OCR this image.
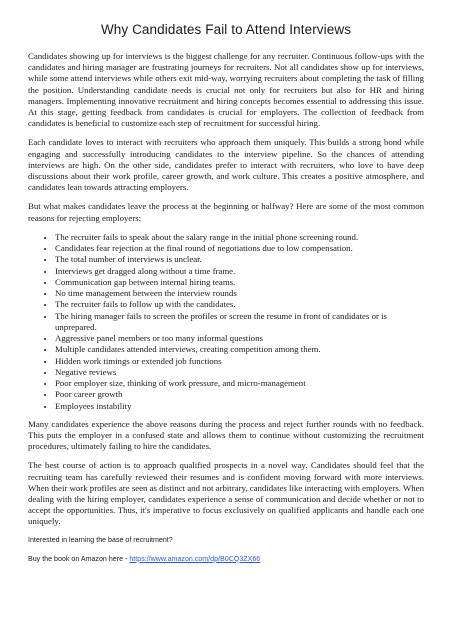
Why Candidates Fail to Attend Interviews

Candidates showing up for interviews is the biggest challenge for any recruiter. Continuous follow-ups with the candidates and hiring manager are frustrating journeys for recruiters. Not all candidates show up for interviews, while some attend interviews while others exit mid-way, worrying recruiters about completing the task of filling the position. Understanding candidate needs is crucial not only for recruiters but also for HR and hiring managers. Implementing innovative recruitment and hiring concepts becomes essential to addressing this issue. At this stage, getting feedback from candidates is crucial for employers. The collection of feedback from candidates is beneficial to customize each step of recruitment for successful hiring.

Each candidate loves to interact with recruiters who approach them uniquely. This builds a strong bond while engaging and successfully introducing candidates to the interview pipeline. So the chances of attending interviews are high. On the other side, candidates prefer to interact with recruiters, who love to have deep discussions about their work profile, career growth, and work culture. This creates a positive atmosphere, and candidates lean towards attracting employers.

But what makes candidates leave the process at the beginning or halfway? Here are some of the most common reasons for rejecting employers:

• The recruiter fails to speak about the salary range in the initial phone screening round.
• Candidates fear rejection at the final round of negotiations due to low compensation.
• The total number of interviews is unclear.
• Interviews get dragged along without a time frame.
• Communication gap between internal hiring teams.
• No time management between the interview rounds
• The recruiter fails to follow up with the candidates.
• The hiring manager fails to screen the profiles or screen the resume in front of candidates or is unprepared.
• Aggressive panel members or too many informal questions
• Multiple candidates attended interviews, creating competition among them.
• Hidden work timings or extended job functions
• Negative reviews
• Poor employer size, thinking of work pressure, and micro-management
• Poor career growth
• Employees instability

Many candidates experience the above reasons during the process and reject further rounds with no feedback. This puts the employer in a confused state and allows them to continue without customizing the recruitment procedures, ultimately failing to hire the candidates.

The best course of action is to approach qualified prospects in a novel way. Candidates should feel that the recruiting team has carefully reviewed their resumes and is confident moving forward with more interviews. When their work profiles are seen as distinct and not arbitrary, candidates like interacting with employers. When dealing with the hiring employer, candidates experience a sense of communication and decide whether or not to accept the opportunities. Thus, it's imperative to focus exclusively on qualified applicants and handle each one uniquely.

Interested in learning the base of recruitment?

Buy the book on Amazon here - https://www.amazon.com/dp/B0CQ3ZX66
